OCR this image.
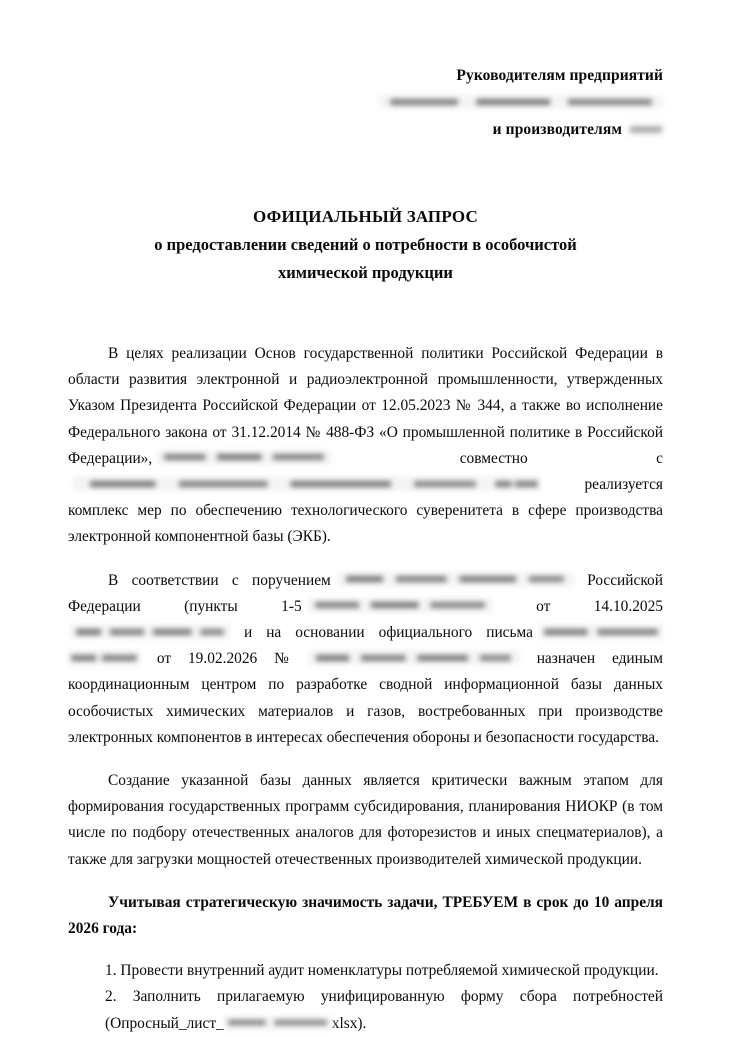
Руководителям предприятий
и производителям
ОФИЦИАЛЬНЫЙ ЗАПРОС
о предоставлении сведений о потребности в особочистой
химической продукции

В целях реализации Основ государственной политики Российской Федерации в области развития электронной и радиоэлектронной промышленности, утвержденных Указом Президента Российской Федерации от 12.05.2023 № 344, а также во исполнение Федерального закона от 31.12.2014 № 488-ФЗ «О промышленной политике в Российской Федерации»,	совместно с реализуется комплекс мер по обеспечению технологического суверенитета в сфере производства электронной компонентной базы (ЭКБ).

В соответствии с поручением	Российской Федерации (пункты 1-5	от 14.10.2025 и на основании официального письма от 19.02.2026 №	назначен единым координационным центром по разработке сводной информационной базы данных особочистых химических материалов и газов, востребованных при производстве электронных компонентов в интересах обеспечения обороны и безопасности государства.

Создание указанной базы данных является критически важным этапом для формирования государственных программ субсидирования, планирования НИОКР (в том числе по подбору отечественных аналогов для фоторезистов и иных спецматериалов), а также для загрузки мощностей отечественных производителей химической продукции.

Учитывая стратегическую значимость задачи, ТРЕБУЕМ в срок до 10 апреля 2026 года:

1. Провести внутренний аудит номенклатуры потребляемой химической продукции.
2. Заполнить прилагаемую унифицированную форму сбора потребностей (Опросный_лист_	xlsx).
